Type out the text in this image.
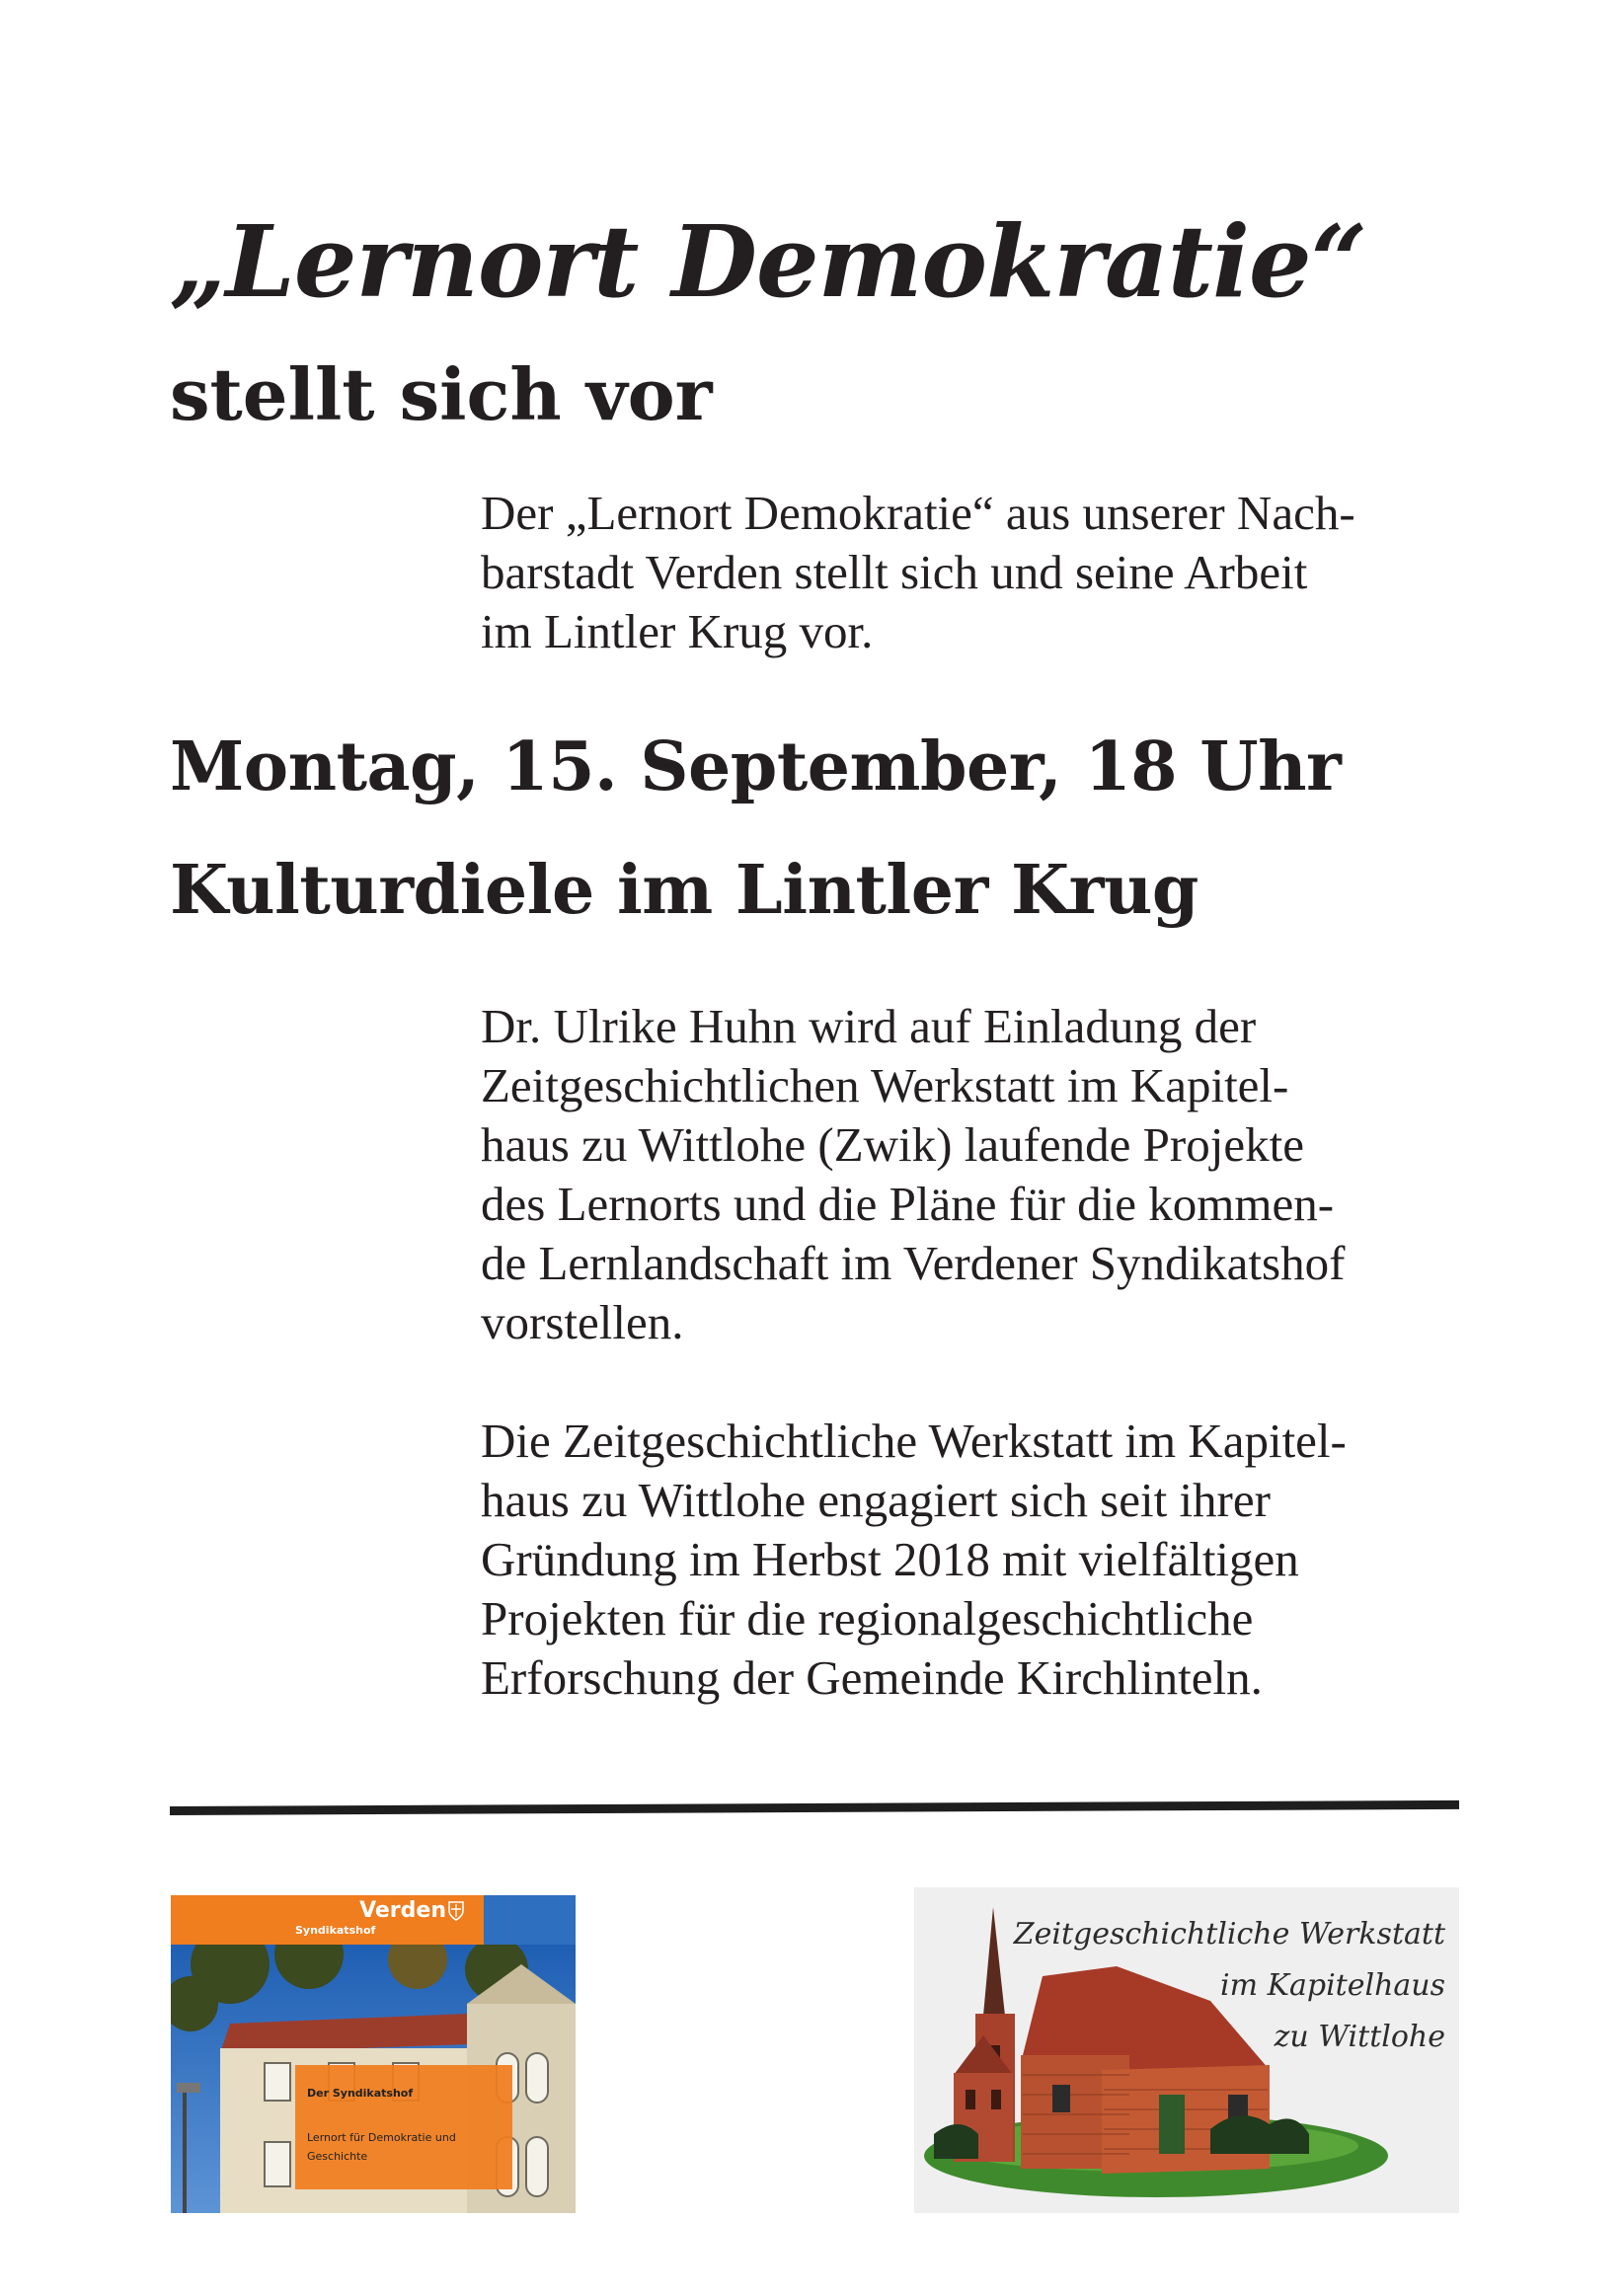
„Lernort Demokratie“
stellt sich vor

Der „Lernort Demokratie“ aus unserer Nach-
barstadt Verden stellt sich und seine Arbeit
im Lintler Krug vor.

Montag, 15. September, 18 Uhr
Kulturdiele im Lintler Krug

Dr. Ulrike Huhn wird auf Einladung der
Zeitgeschichtlichen Werkstatt im Kapitel-
haus zu Wittlohe (Zwik) laufende Projekte
des Lernorts und die Pläne für die kommen-
de Lernlandschaft im Verdener Syndikatshof
vorstellen.

Die Zeitgeschichtliche Werkstatt im Kapitel-
haus zu Wittlohe engagiert sich seit ihrer
Gründung im Herbst 2018 mit vielfältigen
Projekten für die regionalgeschichtliche
Erforschung der Gemeinde Kirchlinteln.

Verden
Syndikatshof
Der Syndikatshof
Lernort für Demokratie und Geschichte
Zeitgeschichtliche Werkstatt
im Kapitelhaus
zu Wittlohe
